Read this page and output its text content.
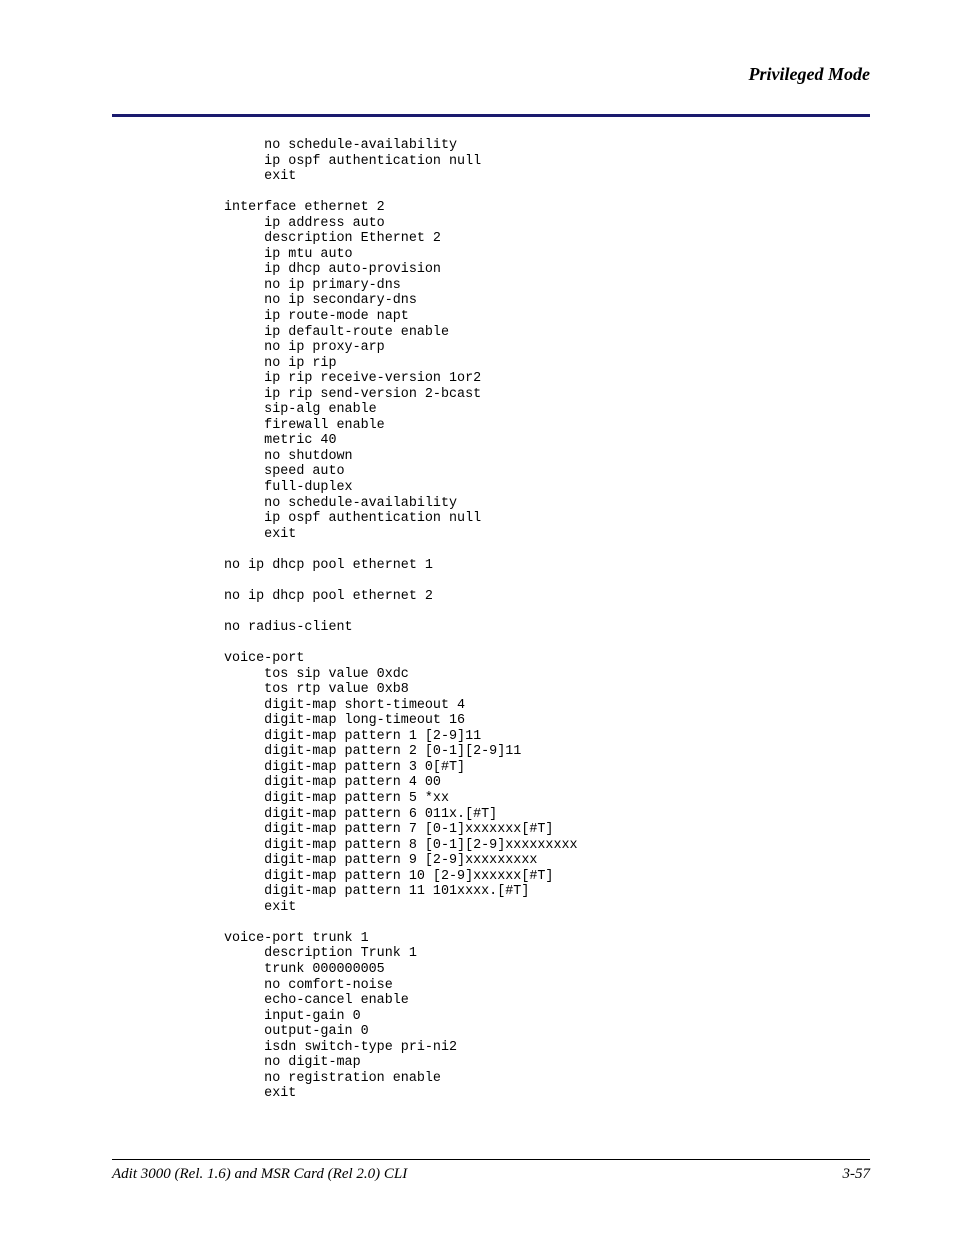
Privileged Mode
no schedule-availability
ip ospf authentication null
exit
interface ethernet 2
ip address auto
description Ethernet 2
ip mtu auto
ip dhcp auto-provision
no ip primary-dns
no ip secondary-dns
ip route-mode napt
ip default-route enable
no ip proxy-arp
no ip rip
ip rip receive-version 1or2
ip rip send-version 2-bcast
sip-alg enable
firewall enable
metric 40
no shutdown
speed auto
full-duplex
no schedule-availability
ip ospf authentication null
exit
no ip dhcp pool ethernet 1
no ip dhcp pool ethernet 2
no radius-client
voice-port
tos sip value 0xdc
tos rtp value 0xb8
digit-map short-timeout 4
digit-map long-timeout 16
digit-map pattern 1 [2-9]11
digit-map pattern 2 [0-1][2-9]11
digit-map pattern 3 0[#T]
digit-map pattern 4 00
digit-map pattern 5 *xx
digit-map pattern 6 011x.[#T]
digit-map pattern 7 [0-1]xxxxxxx[#T]
digit-map pattern 8 [0-1][2-9]xxxxxxxxx
digit-map pattern 9 [2-9]xxxxxxxxx
digit-map pattern 10 [2-9]xxxxxx[#T]
digit-map pattern 11 101xxxx.[#T]
exit
voice-port trunk 1
description Trunk 1
trunk 000000005
no comfort-noise
echo-cancel enable
input-gain 0
output-gain 0
isdn switch-type pri-ni2
no digit-map
no registration enable
exit
Adit 3000 (Rel. 1.6) and MSR Card (Rel 2.0) CLI	3-57
